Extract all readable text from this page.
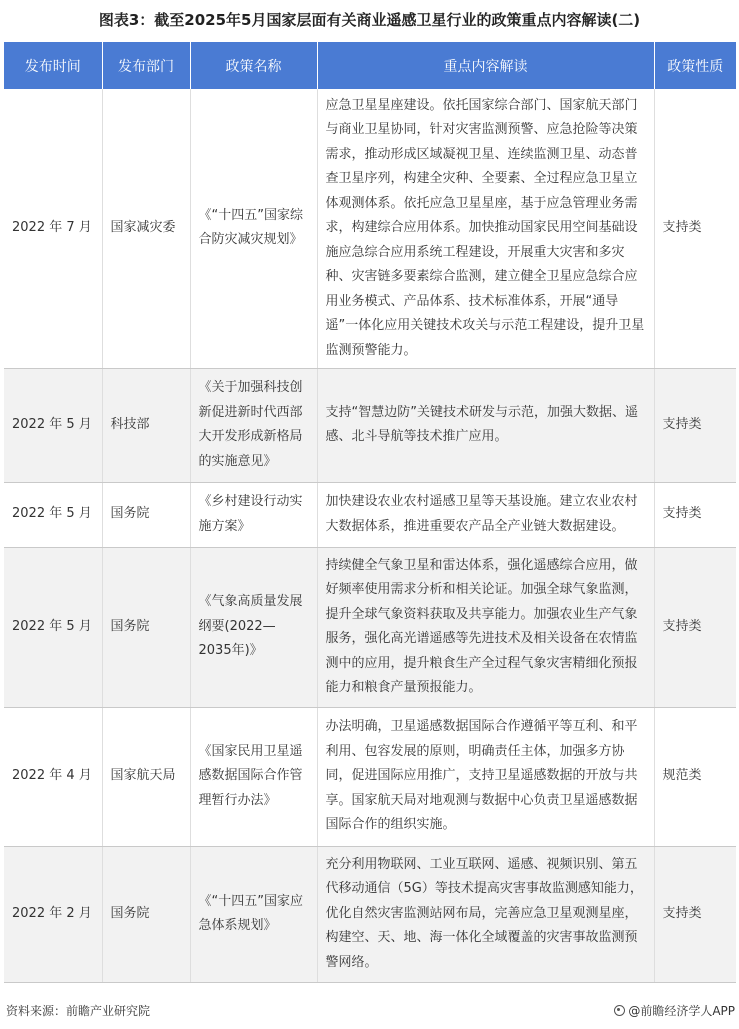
图表3：截至2025年5月国家层面有关商业遥感卫星行业的政策重点内容解读(二)
发布时间	发布部门	政策名称	重点内容解读	政策性质
2022 年 7 月	国家减灾委	《“十四五”国家综合防灾减灾规划》	应急卫星星座建设。依托国家综合部门、国家航天部门与商业卫星协同，针对灾害监测预警、应急抢险等决策需求，推动形成区域凝视卫星、连续监测卫星、动态普查卫星序列，构建全灾种、全要素、全过程应急卫星立体观测体系。依托应急卫星星座，基于应急管理业务需求，构建综合应用体系。加快推动国家民用空间基础设施应急综合应用系统工程建设，开展重大灾害和多灾种、灾害链多要素综合监测，建立健全卫星应急综合应用业务模式、产品体系、技术标准体系，开展“通导遥”一体化应用关键技术攻关与示范工程建设，提升卫星监测预警能力。	支持类
2022 年 5 月	科技部	《关于加强科技创新促进新时代西部大开发形成新格局的实施意见》	支持“智慧边防”关键技术研发与示范，加强大数据、遥感、北斗导航等技术推广应用。	支持类
2022 年 5 月	国务院	《乡村建设行动实施方案》	加快建设农业农村遥感卫星等天基设施。建立农业农村大数据体系，推进重要农产品全产业链大数据建设。	支持类
2022 年 5 月	国务院	《气象高质量发展纲要(2022—2035年)》	持续健全气象卫星和雷达体系，强化遥感综合应用，做好频率使用需求分析和相关论证。加强全球气象监测，提升全球气象资料获取及共享能力。加强农业生产气象服务，强化高光谱遥感等先进技术及相关设备在农情监测中的应用，提升粮食生产全过程气象灾害精细化预报能力和粮食产量预报能力。	支持类
2022 年 4 月	国家航天局	《国家民用卫星遥感数据国际合作管理暂行办法》	办法明确，卫星遥感数据国际合作遵循平等互利、和平利用、包容发展的原则，明确责任主体，加强多方协同，促进国际应用推广，支持卫星遥感数据的开放与共享。国家航天局对地观测与数据中心负责卫星遥感数据国际合作的组织实施。	规范类
2022 年 2 月	国务院	《“十四五”国家应急体系规划》	充分利用物联网、工业互联网、遥感、视频识别、第五代移动通信（5G）等技术提高灾害事故监测感知能力，优化自然灾害监测站网布局，完善应急卫星观测星座，构建空、天、地、海一体化全域覆盖的灾害事故监测预警网络。	支持类
资料来源：前瞻产业研究院	@前瞻经济学人APP
